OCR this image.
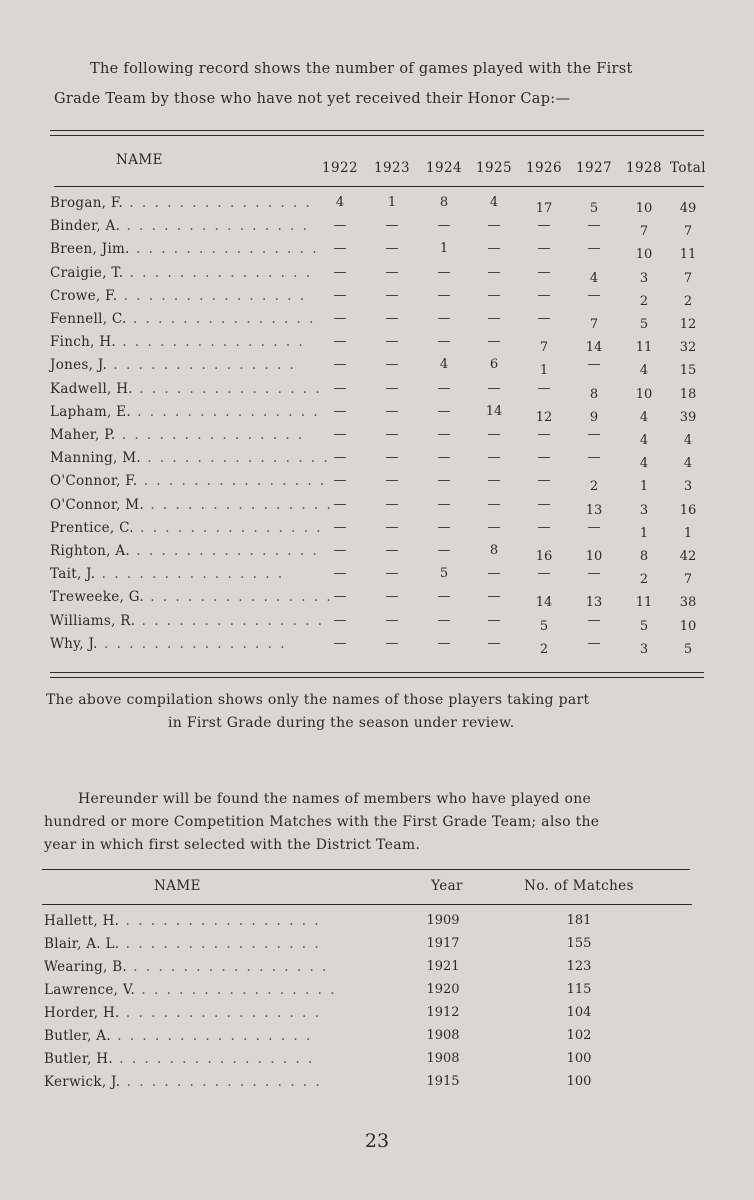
The following record shows the number of games played with the First
Grade Team by those who have not yet received their Honor Cap:—
NAME	1922 1923 1924 1925 1926 1927 1928 Total
Brogan, F. . . . . . . . . . . . . . . .	4	1	8	4	17	5	10	49
Binder, A. . . . . . . . . . . . . . . .	—	—	—	—	—	—	7	7
Breen, Jim. . . . . . . . . . . . . . . .	—	—	1	—	—	—	10	11
Craigie, T. . . . . . . . . . . . . . . .	—	—	—	—	—	4	3	7
Crowe, F. . . . . . . . . . . . . . . .	—	—	—	—	—	—	2	2
Fennell, C. . . . . . . . . . . . . . . .	—	—	—	—	—	7	5	12
Finch, H. . . . . . . . . . . . . . . .	—	—	—	—	7	14	11	32
Jones, J. . . . . . . . . . . . . . . .	—	—	4	6	1	—	4	15
Kadwell, H. . . . . . . . . . . . . . . . —	—	—	—	—	8	10	18
Lapham, E. . . . . . . . . . . . . . . .	—	—	—	14	12	9	4	39
Maher, P. . . . . . . . . . . . . . . .	—	—	—	—	—	—	4	4
Manning, M. . . . . . . . . . . . . . . . —	—	—	—	—	—	4	4
O'Connor, F. . . . . . . . . . . . . . . . —	—	—	—	—	2	1	3
O'Connor, M. . . . . . . . . . . . . . . . —	—	—	—	—	13	3	16
Prentice, C. . . . . . . . . . . . . . . . —	—	—	—	—	—	1	1
Righton, A. . . . . . . . . . . . . . . .	—	—	—	8	16	10	8	42
Tait, J. . . . . . . . . . . . . . . .	—	—	5	—	—	—	2	7
Treweeke, G. . . . . . . . . . . . . . . . —	—	—	—	14	13	11	38
Williams, R. . . . . . . . . . . . . . . . —	—	—	—	5	—	5	10
Why, J. . . . . . . . . . . . . . . .	—	—	—	—	2	—	3	5
The above compilation shows only the names of those players taking part
in First Grade during the season under review.
Hereunder will be found the names of members who have played one
hundred or more Competition Matches with the First Grade Team; also the
year in which first selected with the District Team.
NAME	Year	No. of Matches
Hallett, H. . . . . . . . . . . . . . . . .	1909	181
Blair, A. L. . . . . . . . . . . . . . . . .	1917	155
Wearing, B. . . . . . . . . . . . . . . . .	1921	123
Lawrence, V. . . . . . . . . . . . . . . . .	1920	115
Horder, H. . . . . . . . . . . . . . . . .	1912	104
Butler, A. . . . . . . . . . . . . . . . .	1908	102
Butler, H. . . . . . . . . . . . . . . . .	1908	100
Kerwick, J. . . . . . . . . . . . . . . . .	1915	100
23
